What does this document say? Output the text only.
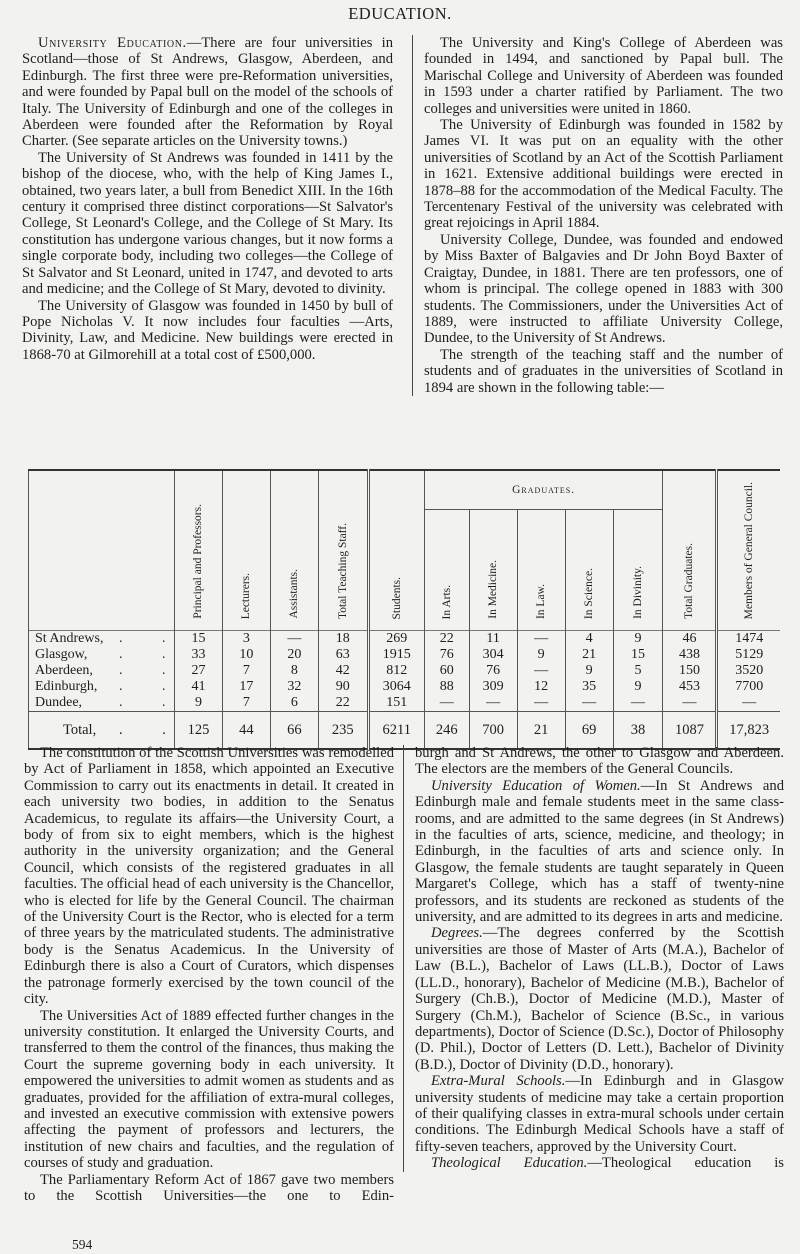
EDUCATION.

University Education.—There are four universities in Scotland—those of St Andrews, Glasgow, Aberdeen, and Edinburgh. The first three were pre-Reformation universities, and were founded by Papal bull on the model of the schools of Italy. The University of Edinburgh and one of the colleges in Aberdeen were founded after the Reformation by Royal Charter. (See separate articles on the University towns.)

The University of St Andrews was founded in 1411 by the bishop of the diocese, who, with the help of King James I., obtained, two years later, a bull from Benedict XIII. In the 16th century it comprised three distinct corporations—St Salvator's College, St Leonard's College, and the College of St Mary. Its constitution has undergone various changes, but it now forms a single corporate body, including two colleges—the College of St Salvator and St Leonard, united in 1747, and devoted to arts and medicine; and the College of St Mary, devoted to divinity.

The University of Glasgow was founded in 1450 by bull of Pope Nicholas V. It now includes four faculties —Arts, Divinity, Law, and Medicine. New buildings were erected in 1868-70 at Gilmorehill at a total cost of £500,000.

The University and King's College of Aberdeen was founded in 1494, and sanctioned by Papal bull. The Marischal College and University of Aberdeen was founded in 1593 under a charter ratified by Parliament. The two colleges and universities were united in 1860.

The University of Edinburgh was founded in 1582 by James VI. It was put on an equality with the other universities of Scotland by an Act of the Scottish Parliament in 1621. Extensive additional buildings were erected in 1878–88 for the accommodation of the Medical Faculty. The Tercentenary Festival of the university was celebrated with great rejoicings in April 1884.

University College, Dundee, was founded and endowed by Miss Baxter of Balgavies and Dr John Boyd Baxter of Craigtay, Dundee, in 1881. There are ten professors, one of whom is principal. The college opened in 1883 with 300 students. The Commissioners, under the Universities Act of 1889, were instructed to affiliate University College, Dundee, to the University of St Andrews.

The strength of the teaching staff and the number of students and of graduates in the universities of Scotland in 1894 are shown in the following table:—

	Principal and Professors.	Lecturers.	Assistants.	Total Teaching Staff.	Students.	Graduates.					Total Graduates.	Members of General Council.
						In Arts.	In Medicine.	In Law.	In Science.	In Divinity.		
St Andrews, . .	15	3	—	18	269	22	11	—	4	9	46	1474
Glasgow, . .	33	10	20	63	1915	76	304	9	21	15	438	5129
Aberdeen, . .	27	7	8	42	812	60	76	—	9	5	150	3520
Edinburgh, . .	41	17	32	90	3064	88	309	12	35	9	453	7700
Dundee, . .	9	7	6	22	151	—	—	—	—	—	—	—
Total, . .	125	44	66	235	6211	246	700	21	69	38	1087	17,823

The constitution of the Scottish Universities was remodelled by Act of Parliament in 1858, which appointed an Executive Commission to carry out its enactments in detail. It created in each university two bodies, in addition to the Senatus Academicus, to regulate its affairs—the University Court, a body of from six to eight members, which is the highest authority in the university organization; and the General Council, which consists of the registered graduates in all faculties. The official head of each university is the Chancellor, who is elected for life by the General Council. The chairman of the University Court is the Rector, who is elected for a term of three years by the matriculated students. The administrative body is the Senatus Academicus. In the University of Edinburgh there is also a Court of Curators, which dispenses the patronage formerly exercised by the town council of the city.

The Universities Act of 1889 effected further changes in the university constitution. It enlarged the University Courts, and transferred to them the control of the finances, thus making the Court the supreme governing body in each university. It empowered the universities to admit women as students and as graduates, provided for the affiliation of extra-mural colleges, and invested an executive commission with extensive powers affecting the payment of professors and lecturers, the institution of new chairs and faculties, and the regulation of courses of study and graduation.

The Parliamentary Reform Act of 1867 gave two members to the Scottish Universities—the one to Edin-

burgh and St Andrews, the other to Glasgow and Aberdeen. The electors are the members of the General Councils.

University Education of Women.—In St Andrews and Edinburgh male and female students meet in the same class-rooms, and are admitted to the same degrees (in St Andrews) in the faculties of arts, science, medicine, and theology; in Edinburgh, in the faculties of arts and science only. In Glasgow, the female students are taught separately in Queen Margaret's College, which has a staff of twenty-nine professors, and its students are reckoned as students of the university, and are admitted to its degrees in arts and medicine.

Degrees.—The degrees conferred by the Scottish universities are those of Master of Arts (M.A.), Bachelor of Law (B.L.), Bachelor of Laws (LL.B.), Doctor of Laws (LL.D., honorary), Bachelor of Medicine (M.B.), Bachelor of Surgery (Ch.B.), Doctor of Medicine (M.D.), Master of Surgery (Ch.M.), Bachelor of Science (B.Sc., in various departments), Doctor of Science (D.Sc.), Doctor of Philosophy (D. Phil.), Doctor of Letters (D. Lett.), Bachelor of Divinity (B.D.), Doctor of Divinity (D.D., honorary).

Extra-Mural Schools.—In Edinburgh and in Glasgow university students of medicine may take a certain proportion of their qualifying classes in extra-mural schools under certain conditions. The Edinburgh Medical Schools have a staff of fifty-seven teachers, approved by the University Court.

Theological Education.—Theological education is

594
